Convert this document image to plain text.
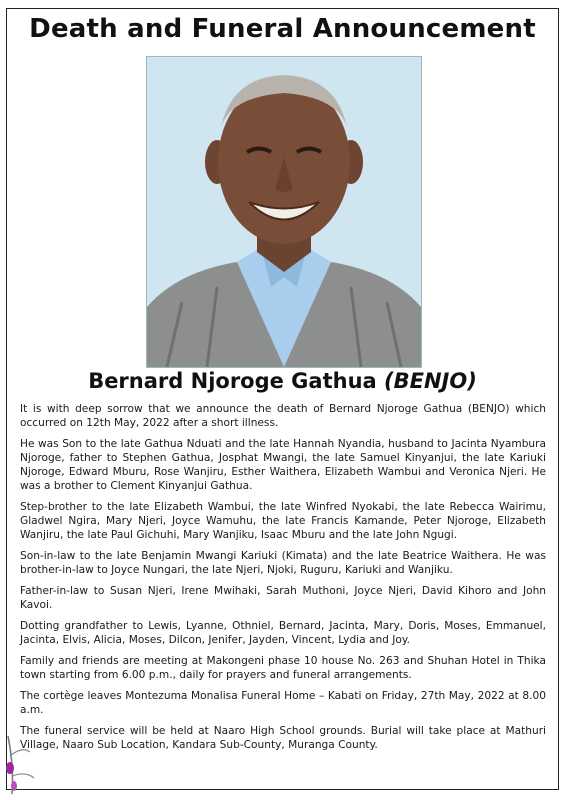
Death and Funeral Announcement
Bernard Njoroge Gathua (BENJO)

It is with deep sorrow that we announce the death of Bernard Njoroge Gathua (BENJO) which occurred on 12th May, 2022 after a short illness.

He was Son to the late Gathua Nduati and the late Hannah Nyandia, husband to Jacinta Nyambura Njoroge, father to Stephen Gathua, Josphat Mwangi, the late Samuel Kinyanjui, the late Kariuki Njoroge, Edward Mburu, Rose Wanjiru, Esther Waithera, Elizabeth Wambui and Veronica Njeri. He was a brother to Clement Kinyanjui Gathua.

Step-brother to the late Elizabeth Wambui, the late Winfred Nyokabi, the late Rebecca Wairimu, Gladwel Ngira, Mary Njeri, Joyce Wamuhu, the late Francis Kamande, Peter Njoroge, Elizabeth Wanjiru, the late Paul Gichuhi, Mary Wanjiku, Isaac Mburu and the late John Ngugi.

Son-in-law to the late Benjamin Mwangi Kariuki (Kimata) and the late Beatrice Waithera. He was brother-in-law to Joyce Nungari, the late Njeri, Njoki, Ruguru, Kariuki and Wanjiku.

Father-in-law to Susan Njeri, Irene Mwihaki, Sarah Muthoni, Joyce Njeri, David Kihoro and John Kavoi.

Dotting grandfather to Lewis, Lyanne, Othniel, Bernard, Jacinta, Mary, Doris, Moses, Emmanuel, Jacinta, Elvis, Alicia, Moses, Dilcon, Jenifer, Jayden, Vincent, Lydia and Joy.

Family and friends are meeting at Makongeni phase 10 house No. 263 and Shuhan Hotel in Thika town starting from 6.00 p.m., daily for prayers and funeral arrangements.

The cortège leaves Montezuma Monalisa Funeral Home – Kabati on Friday, 27th May, 2022 at 8.00 a.m.

The funeral service will be held at Naaro High School grounds. Burial will take place at Mathuri Village, Naaro Sub Location, Kandara Sub-County, Muranga County.
